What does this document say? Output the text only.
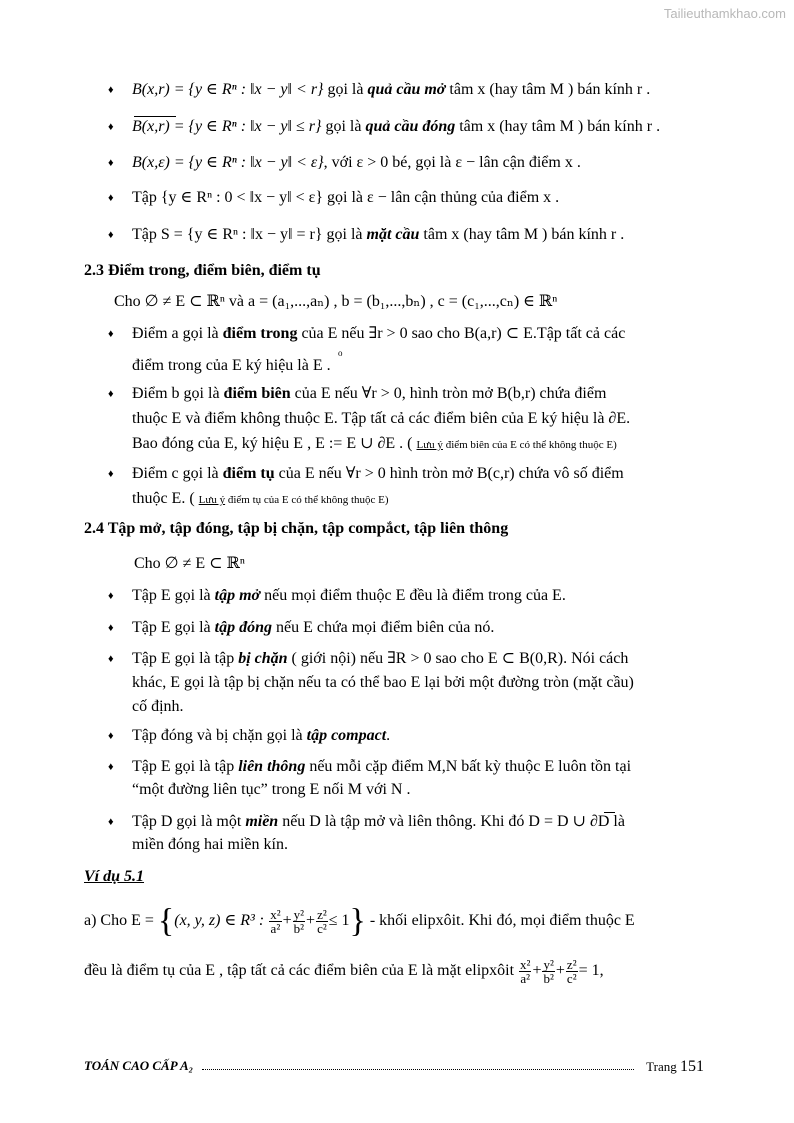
Tailieuthamkhao.com
♦ B(x,r) = {y ∈ Rⁿ : ‖x − y‖ < r} gọi là quả cầu mở tâm x (hay tâm M ) bán kính r .
♦ B(x,r) = {y ∈ Rⁿ : ‖x − y‖ ≤ r} gọi là quả cầu đóng tâm x (hay tâm M ) bán kính r .
♦ B(x,ε) = {y ∈ Rⁿ : ‖x − y‖ < ε}, với ε > 0 bé, gọi là ε − lân cận điểm x .
♦ Tập {y ∈ Rⁿ : 0 < ‖x − y‖ < ε} gọi là ε − lân cận thủng của điểm x .
♦ Tập S = {y ∈ Rⁿ : ‖x − y‖ = r} gọi là mặt cầu tâm x (hay tâm M ) bán kính r .
2.3 Điểm trong, điểm biên, điểm tụ
Cho ∅ ≠ E ⊂ ℝⁿ và a = (a₁,...,aₙ) , b = (b₁,...,bₙ) , c = (c₁,...,cₙ) ∈ ℝⁿ
♦ Điểm a gọi là điểm trong của E nếu ∃r > 0 sao cho B(a,r) ⊂ E.Tập tất cả các
điểm trong của E ký hiệu là E .
o
♦ Điểm b gọi là điểm biên của E nếu ∀r > 0, hình tròn mở B(b,r) chứa điểm
thuộc E và điểm không thuộc E. Tập tất cả các điểm biên của E ký hiệu là ∂E.
Bao đóng của E, ký hiệu E , E := E ∪ ∂E . ( Lưu ý điểm biên của E có thể không thuộc E)
♦ Điểm c gọi là điểm tụ của E nếu ∀r > 0 hình tròn mở B(c,r) chứa vô số điểm
thuộc E. ( Lưu ý điểm tụ của E có thể không thuộc E)
2.4 Tập mở, tập đóng, tập bị chặn, tập compắct, tập liên thông
Cho ∅ ≠ E ⊂ ℝⁿ
♦ Tập E gọi là tập mở nếu mọi điểm thuộc E đều là điểm trong của E.
♦ Tập E gọi là tập đóng nếu E chứa mọi điểm biên của nó.
♦ Tập E gọi là tập bị chặn ( giới nội) nếu ∃R > 0 sao cho E ⊂ B(0,R). Nói cách
khác, E gọi là tập bị chặn nếu ta có thể bao E lại bởi một đường tròn (mặt cầu)
cố định.
♦ Tập đóng và bị chặn gọi là tập compact.
♦ Tập E gọi là tập liên thông nếu mỗi cặp điểm M,N bất kỳ thuộc E luôn tồn tại
“một đường liên tục” trong E nối M với N .
♦ Tập D gọi là một miền nếu D là tập mở và liên thông. Khi đó D = D ∪ ∂D là
miền đóng hai miền kín.
Ví dụ 5.1
a) Cho E = {(x, y, z) ∈ R³ : $\frac{\text{x²}}{\text{a²}} + \frac{\text{y²}}{\text{b²}} + \frac{\text{z²}}{\text{c²}} \le 1$} - khối elipxôit. Khi đó, mọi điểm thuộc E
đều là điểm tụ của E , tập tất cả các điểm biên của E là mặt elipxôit $\frac{\text{x²}}{\text{a²}} + \frac{\text{y²}}{\text{b²}} + \frac{\text{z²}}{\text{c²}} = 1$,
TOÁN CAO CẤP A₂	Trang 151
